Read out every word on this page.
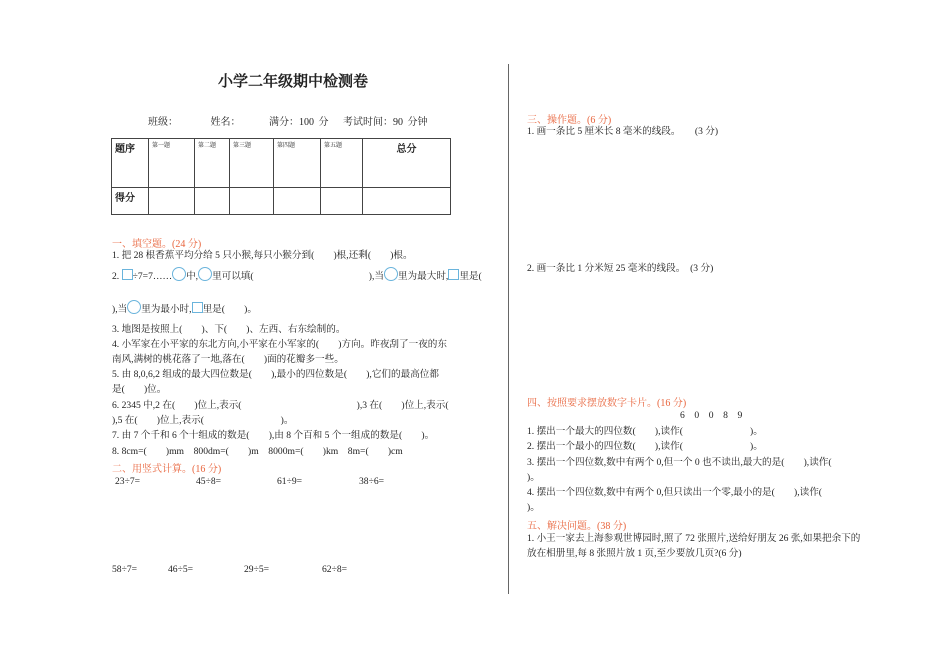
小学二年级期中检测卷
班级：	姓名：	满分：100 分 考试时间：90 分钟
题序	第一题	第二题	第三题	第四题	第五题	总分
得分						
一、填空题。(24 分)
1. 把 28 根香蕉平均分给 5 只小猴,每只小猴分到(　　)根,还剩(　　)根。
2. ÷7=7…… 中, 里可以填(　　　　　　　　　　　　),当 里为最大时, 里是(
),当 里为最小时, 里是(　　)。
3. 地图是按照上(　　)、下(　　)、左西、右东绘制的。
4. 小军家在小平家的东北方向,小平家在小军家的(　　)方向。昨夜刮了一夜的东
南风,满树的桃花落了一地,落在(　　)面的花瓣多一些。
5. 由 8,0,6,2 组成的最大四位数是(　　),最小的四位数是(　　),它们的最高位都
是(　　)位。
6. 2345 中,2 在(　　)位上,表示(　　　　　　　　　　　　),3 在(　　)位上,表示(
),5 在(　　)位上,表示(　　　　　　　　)。
7. 由 7 个千和 6 个十组成的数是(　　),由 8 个百和 5 个一组成的数是(　　)。
8. 8cm=(　　)mm　800dm=(　　)m　8000m=(　　)km　8m=(　　)cm
二、用竖式计算。(16 分)
23÷7=	45÷8=	61÷9=	38÷6=
58÷7=	46÷5=	29÷5=	62÷8=
三、操作题。(6 分)
1. 画一条比 5 厘米长 8 毫米的线段。　　(3 分)
2. 画一条比 1 分米短 25 毫米的线段。　(3 分)
四、按照要求摆放数字卡片。(16 分)
6　0　0　8　9
1. 摆出一个最大的四位数(　　),读作(　　　　　　　)。
2. 摆出一个最小的四位数(　　),读作(　　　　　　　)。
3. 摆出一个四位数,数中有两个 0,但一个 0 也不读出,最大的是(　　),读作(
)。
4. 摆出一个四位数,数中有两个 0,但只读出一个零,最小的是(　　),读作(
)。
五、解决问题。(38 分)
1. 小王一家去上海参观世博园时,照了 72 张照片,送给好朋友 26 张,如果把余下的
放在相册里,每 8 张照片放 1 页,至少要放几页?(6 分)
